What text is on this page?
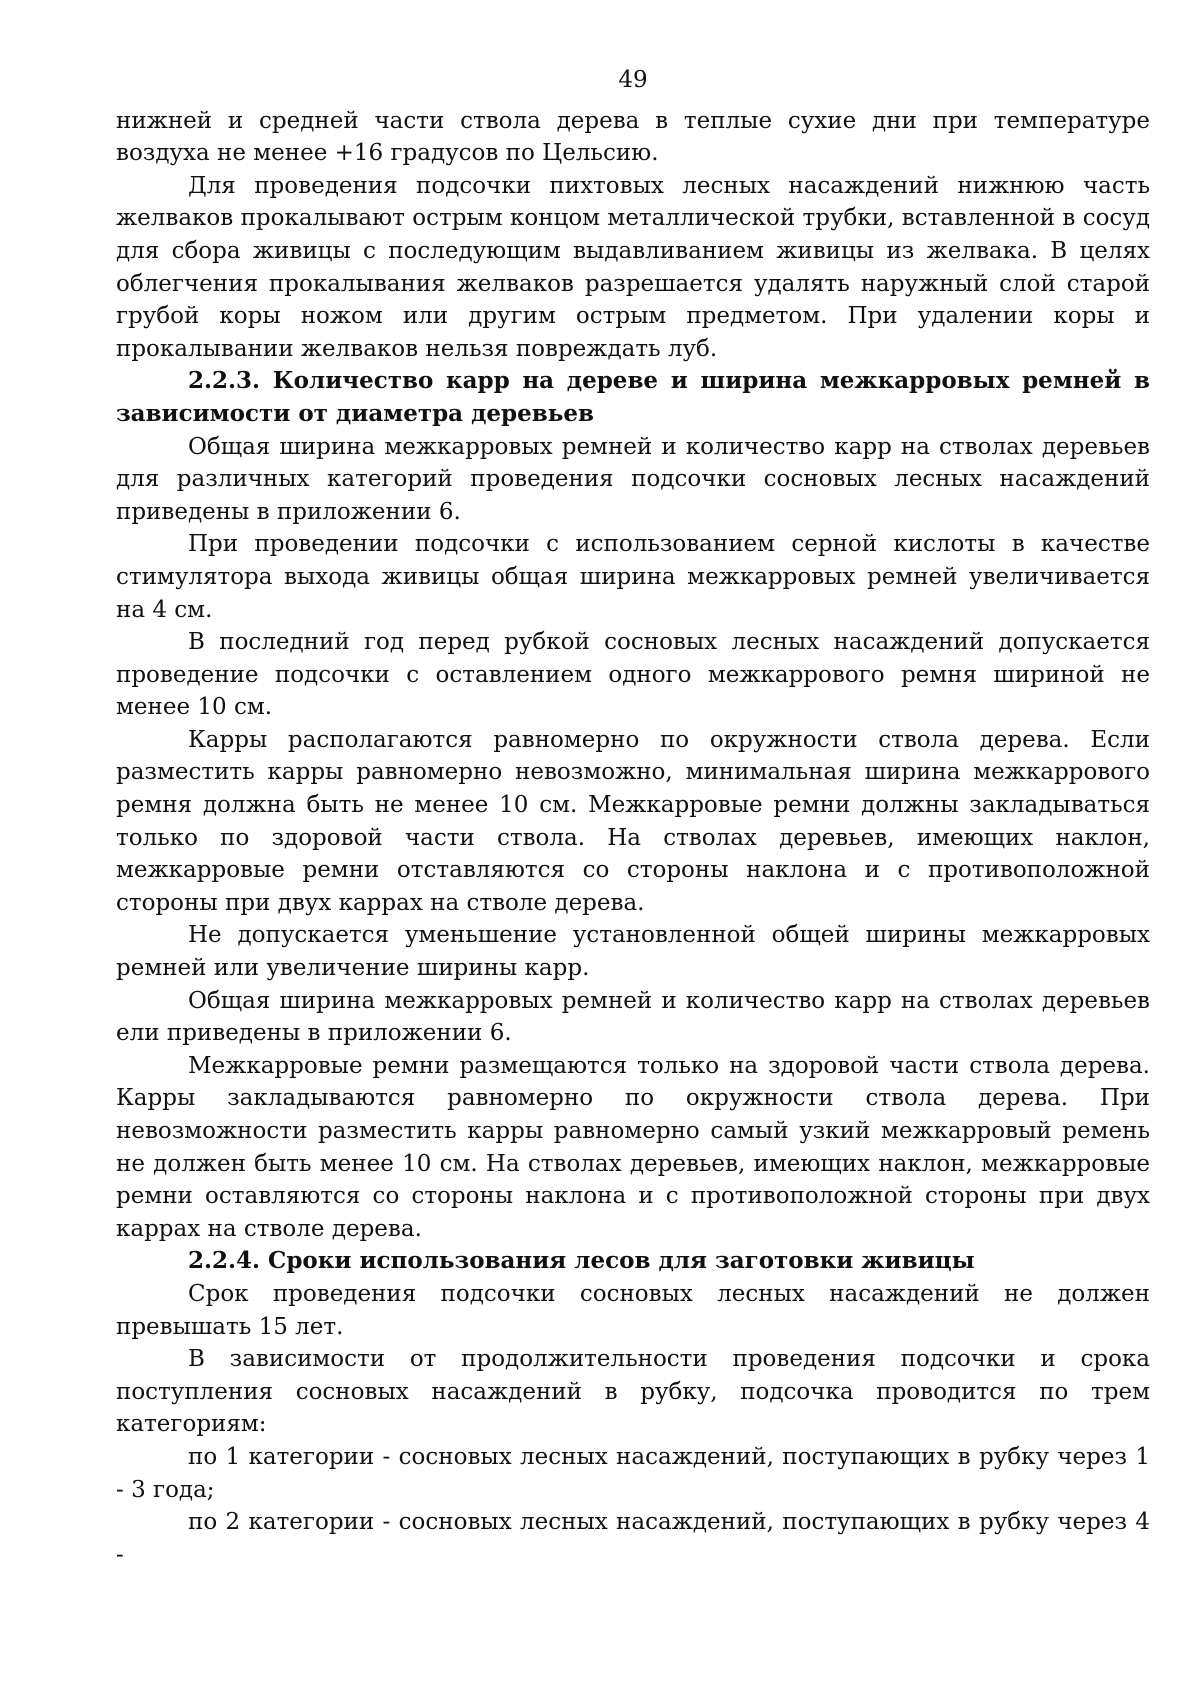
49

нижней и средней части ствола дерева в теплые сухие дни при температуре воздуха не менее +16 градусов по Цельсию.

Для проведения подсочки пихтовых лесных насаждений нижнюю часть желваков прокалывают острым концом металлической трубки, вставленной в сосуд для сбора живицы с последующим выдавливанием живицы из желвака. В целях облегчения прокалывания желваков разрешается удалять наружный слой старой грубой коры ножом или другим острым предметом. При удалении коры и прокалывании желваков нельзя повреждать луб.

2.2.3. Количество карр на дереве и ширина межкарровых ремней в зависимости от диаметра деревьев

Общая ширина межкарровых ремней и количество карр на стволах деревьев для различных категорий проведения подсочки сосновых лесных насаждений приведены в приложении 6.

При проведении подсочки с использованием серной кислоты в качестве стимулятора выхода живицы общая ширина межкарровых ремней увеличивается на 4 см.

В последний год перед рубкой сосновых лесных насаждений допускается проведение подсочки с оставлением одного межкаррового ремня шириной не менее 10 см.

Карры располагаются равномерно по окружности ствола дерева. Если разместить карры равномерно невозможно, минимальная ширина межкаррового ремня должна быть не менее 10 см. Межкарровые ремни должны закладываться только по здоровой части ствола. На стволах деревьев, имеющих наклон, межкарровые ремни отставляются со стороны наклона и с противоположной стороны при двух каррах на стволе дерева.

Не допускается уменьшение установленной общей ширины межкарровых ремней или увеличение ширины карр.

Общая ширина межкарровых ремней и количество карр на стволах деревьев ели приведены в приложении 6.

Межкарровые ремни размещаются только на здоровой части ствола дерева. Карры закладываются равномерно по окружности ствола дерева. При невозможности разместить карры равномерно самый узкий межкарровый ремень не должен быть менее 10 см. На стволах деревьев, имеющих наклон, межкарровые ремни оставляются со стороны наклона и с противоположной стороны при двух каррах на стволе дерева.

2.2.4. Сроки использования лесов для заготовки живицы

Срок проведения подсочки сосновых лесных насаждений не должен превышать 15 лет.

В зависимости от продолжительности проведения подсочки и срока поступления сосновых насаждений в рубку, подсочка проводится по трем категориям:

по 1 категории - сосновых лесных насаждений, поступающих в рубку через 1 - 3 года;

по 2 категории - сосновых лесных насаждений, поступающих в рубку через 4 -
